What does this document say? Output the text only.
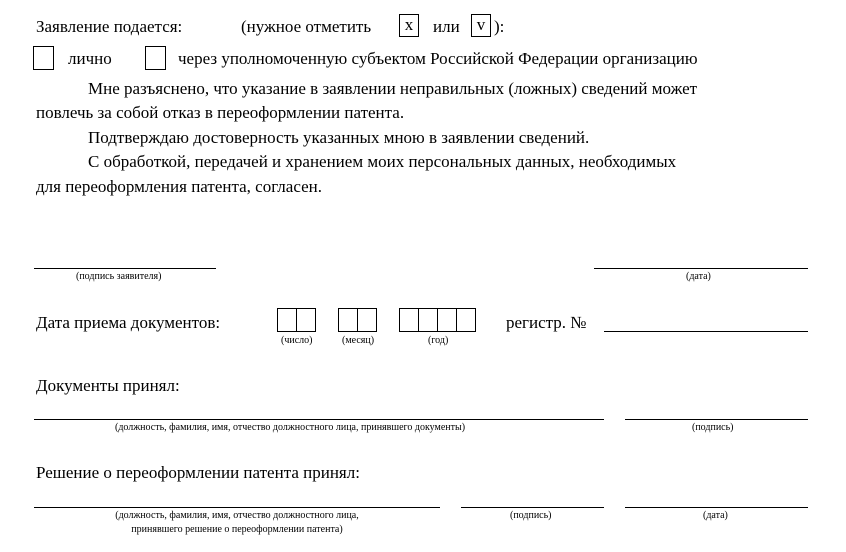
Заявление подается:	(нужное отметить	x	или	v ):
лично	через уполномоченную субъектом Российской Федерации организацию
Мне разъяснено, что указание в заявлении неправильных (ложных) сведений может
повлечь за собой отказ в переоформлении патента.
Подтверждаю достоверность указанных мною в заявлении сведений.
С обработкой, передачей и хранением моих персональных данных, необходимых
для переоформления патента, согласен.
(подпись заявителя)	(дата)
Дата приема документов:
(число)	(месяц)	(год)
регистр. №
Документы принял:
(должность, фамилия, имя, отчество должностного лица, принявшего документы)	(подпись)
Решение о переоформлении патента принял:
(должность, фамилия, имя, отчество должностного лица,
принявшего решение о переоформлении патента)
(подпись)	(дата)
